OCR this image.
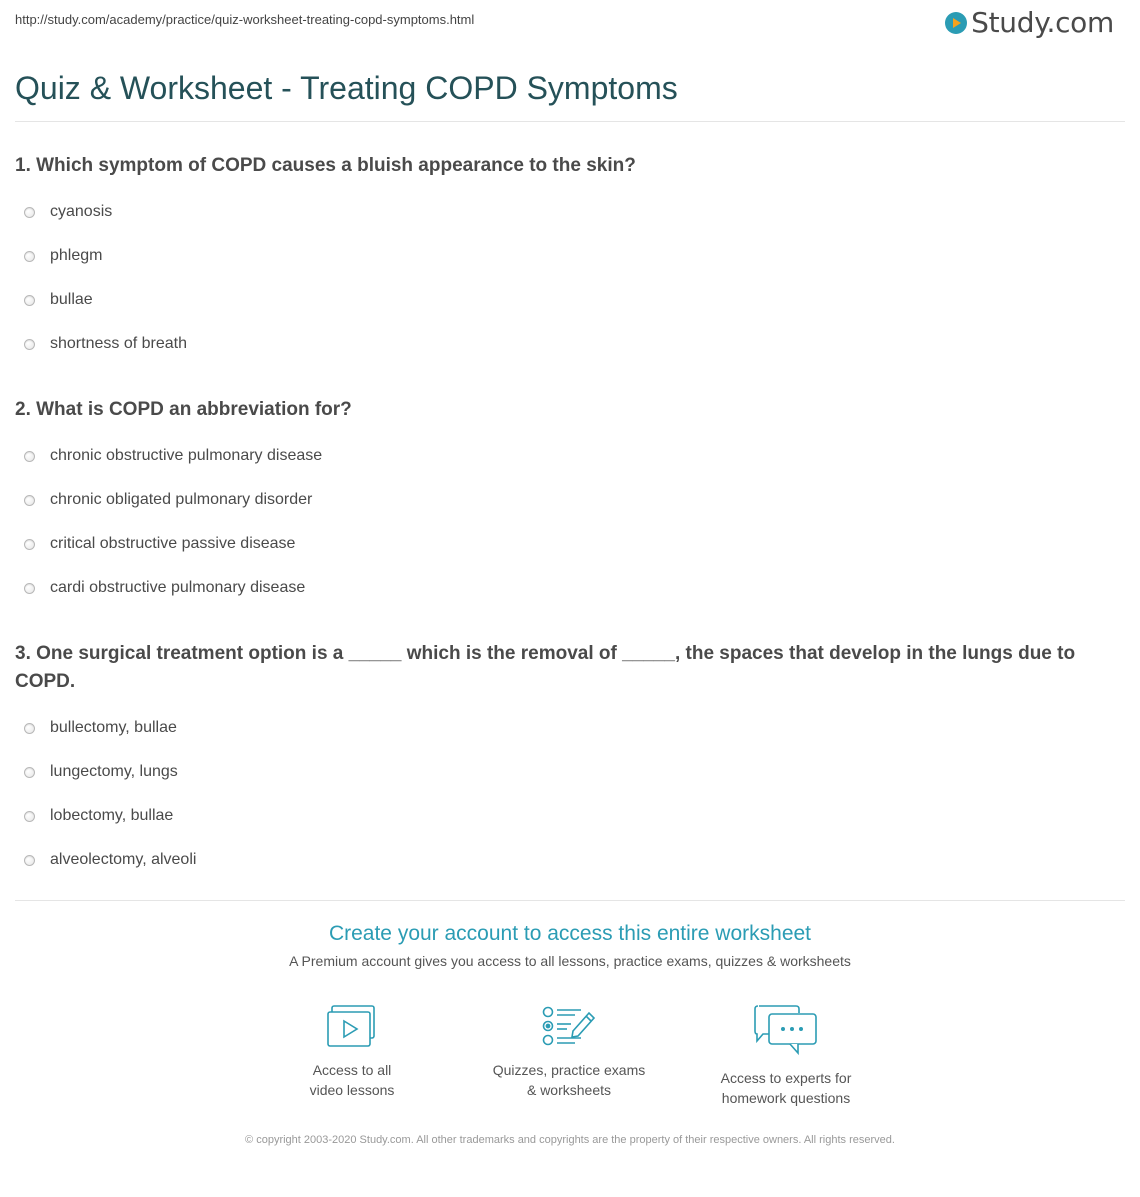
http://study.com/academy/practice/quiz-worksheet-treating-copd-symptoms.html	Study.com
Quiz & Worksheet - Treating COPD Symptoms

1. Which symptom of COPD causes a bluish appearance to the skin?

cyanosis
phlegm
bullae
shortness of breath

2. What is COPD an abbreviation for?

chronic obstructive pulmonary disease
chronic obligated pulmonary disorder
critical obstructive passive disease
cardi obstructive pulmonary disease

3. One surgical treatment option is a _____ which is the removal of _____, the spaces that develop in the lungs due to COPD.

bullectomy, bullae
lungectomy, lungs
lobectomy, bullae
alveolectomy, alveoli
Create your account to access this entire worksheet
A Premium account gives you access to all lessons, practice exams, quizzes & worksheets
Access to all
video lessons
Quizzes, practice exams
& worksheets
Access to experts for
homework questions
© copyright 2003-2020 Study.com. All other trademarks and copyrights are the property of their respective owners. All rights reserved.
